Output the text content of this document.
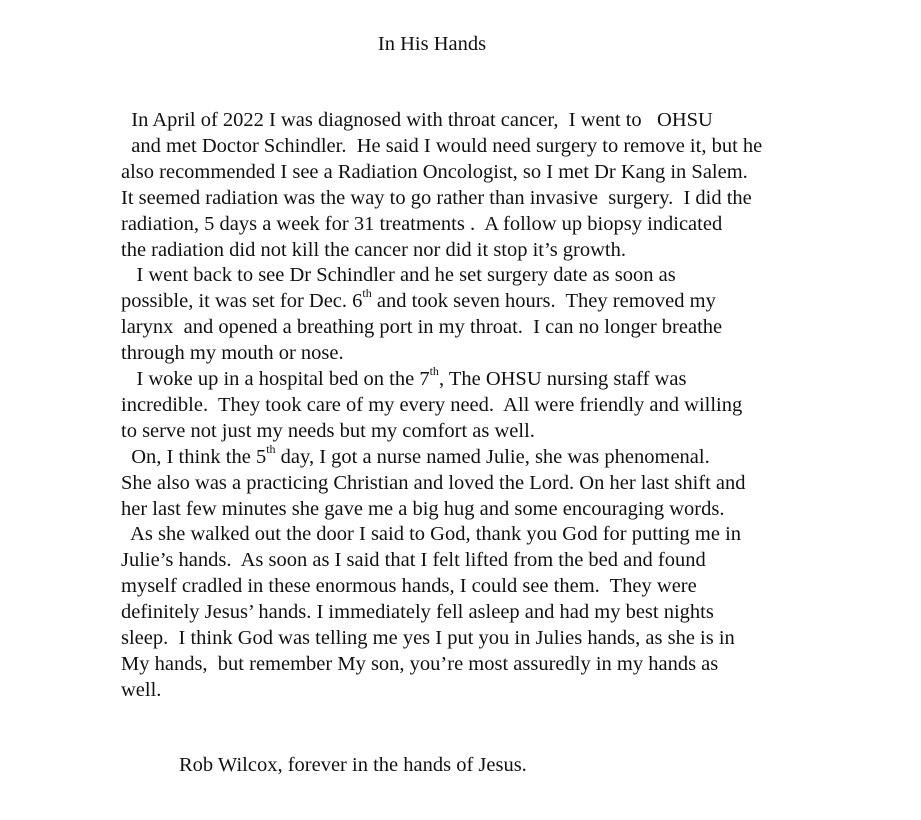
In His Hands
In April of 2022 I was diagnosed with throat cancer,  I went to   OHSU
and met Doctor Schindler.  He said I would need surgery to remove it, but he
also recommended I see a Radiation Oncologist, so I met Dr Kang in Salem.
It seemed radiation was the way to go rather than invasive  surgery.  I did the
radiation, 5 days a week for 31 treatments .  A follow up biopsy indicated
the radiation did not kill the cancer nor did it stop it’s growth.
I went back to see Dr Schindler and he set surgery date as soon as
possible, it was set for Dec. 6th and took seven hours.  They removed my
larynx  and opened a breathing port in my throat.  I can no longer breathe
through my mouth or nose.
I woke up in a hospital bed on the 7th, The OHSU nursing staff was
incredible.  They took care of my every need.  All were friendly and willing
to serve not just my needs but my comfort as well.
On, I think the 5th day, I got a nurse named Julie, she was phenomenal.
She also was a practicing Christian and loved the Lord. On her last shift and
her last few minutes she gave me a big hug and some encouraging words.
As she walked out the door I said to God, thank you God for putting me in
Julie’s hands.  As soon as I said that I felt lifted from the bed and found
myself cradled in these enormous hands, I could see them.  They were
definitely Jesus’ hands. I immediately fell asleep and had my best nights
sleep.  I think God was telling me yes I put you in Julies hands, as she is in
My hands,  but remember My son, you’re most assuredly in my hands as
well.
Rob Wilcox, forever in the hands of Jesus.
